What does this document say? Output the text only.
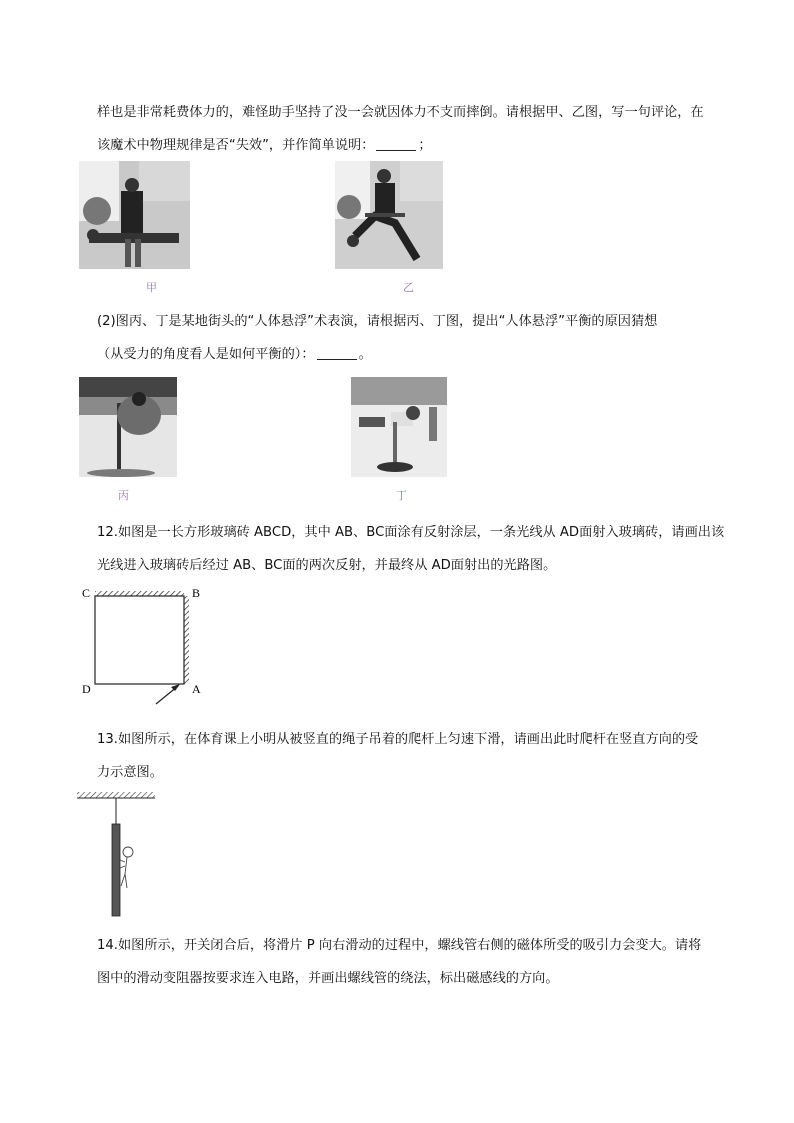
样也是非常耗费体力的，难怪助手坚持了没一会就因体力不支而摔倒。请根据甲、乙图，写一句评论，在
该魔术中物理规律是否“失效”，并作简单说明：	；

甲	乙

(2)图丙、丁是某地街头的“人体悬浮”术表演，请根据丙、丁图，提出“人体悬浮”平衡的原因猜想
（从受力的角度看人是如何平衡的）：	。

丙	丁

12.如图是一长方形玻璃砖 ABCD，其中 AB、BC面涂有反射涂层，一条光线从 AD面射入玻璃砖，请画出该
光线进入玻璃砖后经过 AB、BC面的两次反射，并最终从 AD面射出的光路图。

C	B
D	A

13.如图所示，在体育课上小明从被竖直的绳子吊着的爬杆上匀速下滑，请画出此时爬杆在竖直方向的受
力示意图。

14.如图所示，开关闭合后，将滑片 P 向右滑动的过程中，螺线管右侧的磁体所受的吸引力会变大。请将
图中的滑动变阻器按要求连入电路，并画出螺线管的绕法，标出磁感线的方向。
